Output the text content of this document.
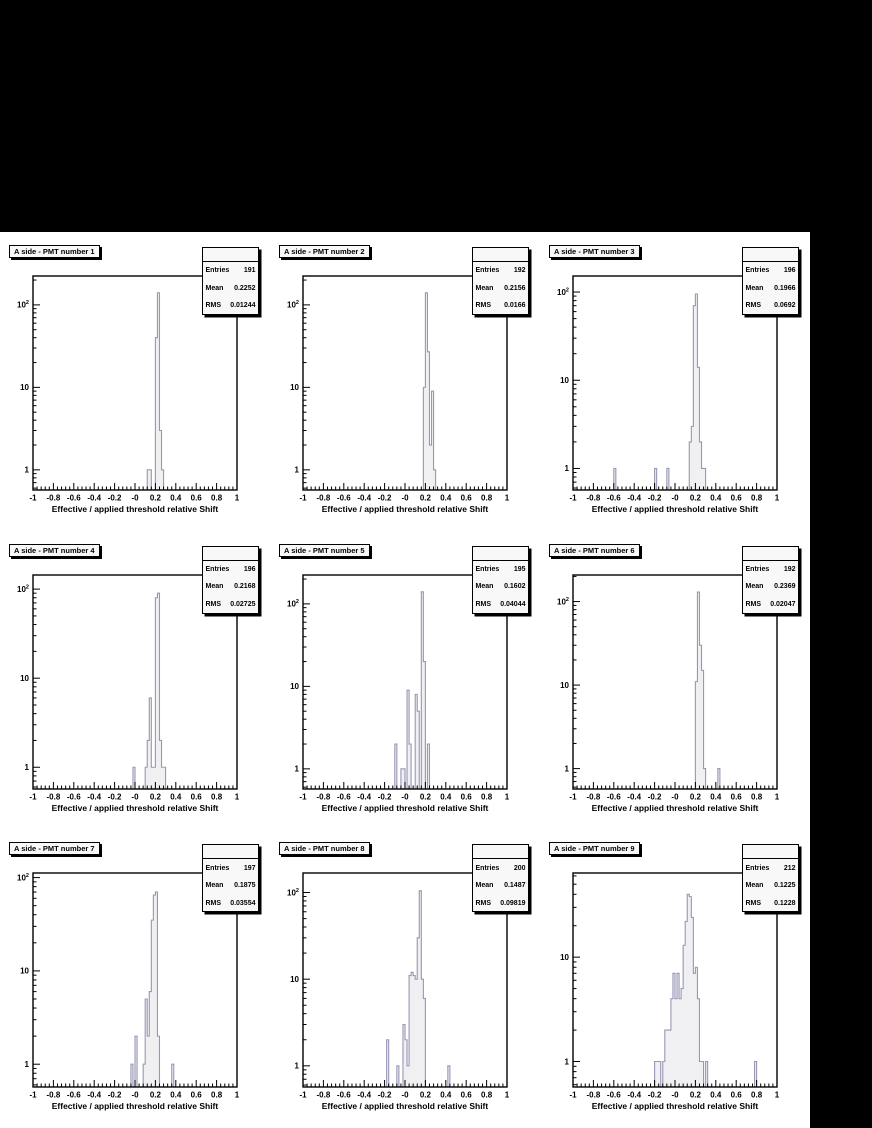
-1 -0.8 -0.6 -0.4 -0.2 -0 0.2 0.4 0.6 0.8 1
Effective / applied threshold relative Shift
1
10
$10^2$
A side - PMT number 1
Entries 191
Mean 0.2252
RMS 0.01244
-1 -0.8 -0.6 -0.4 -0.2 -0 0.2 0.4 0.6 0.8 1
Effective / applied threshold relative Shift
1
10
$10^2$
A side - PMT number 2
Entries 192
Mean 0.2156
RMS 0.0166
-1 -0.8 -0.6 -0.4 -0.2 -0 0.2 0.4 0.6 0.8 1
Effective / applied threshold relative Shift
1
10
$10^2$
A side - PMT number 3
Entries 196
Mean 0.1966
RMS 0.0692
-1 -0.8 -0.6 -0.4 -0.2 -0 0.2 0.4 0.6 0.8 1
Effective / applied threshold relative Shift
1
10
$10^2$
A side - PMT number 4
Entries 196
Mean 0.2168
RMS 0.02725
-1 -0.8 -0.6 -0.4 -0.2 -0 0.2 0.4 0.6 0.8 1
Effective / applied threshold relative Shift
1
10
$10^2$
A side - PMT number 5
Entries 195
Mean 0.1602
RMS 0.04044
-1 -0.8 -0.6 -0.4 -0.2 -0 0.2 0.4 0.6 0.8 1
Effective / applied threshold relative Shift
1
10
$10^2$
A side - PMT number 6
Entries 192
Mean 0.2369
RMS 0.02047
-1 -0.8 -0.6 -0.4 -0.2 -0 0.2 0.4 0.6 0.8 1
Effective / applied threshold relative Shift
1
10
$10^2$
A side - PMT number 7
Entries 197
Mean 0.1875
RMS 0.03554
-1 -0.8 -0.6 -0.4 -0.2 -0 0.2 0.4 0.6 0.8 1
Effective / applied threshold relative Shift
1
10
$10^2$
A side - PMT number 8
Entries 200
Mean 0.1487
RMS 0.09819
-1 -0.8 -0.6 -0.4 -0.2 -0 0.2 0.4 0.6 0.8 1
Effective / applied threshold relative Shift
1
10
A side - PMT number 9
Entries 212
Mean 0.1225
RMS 0.1228
